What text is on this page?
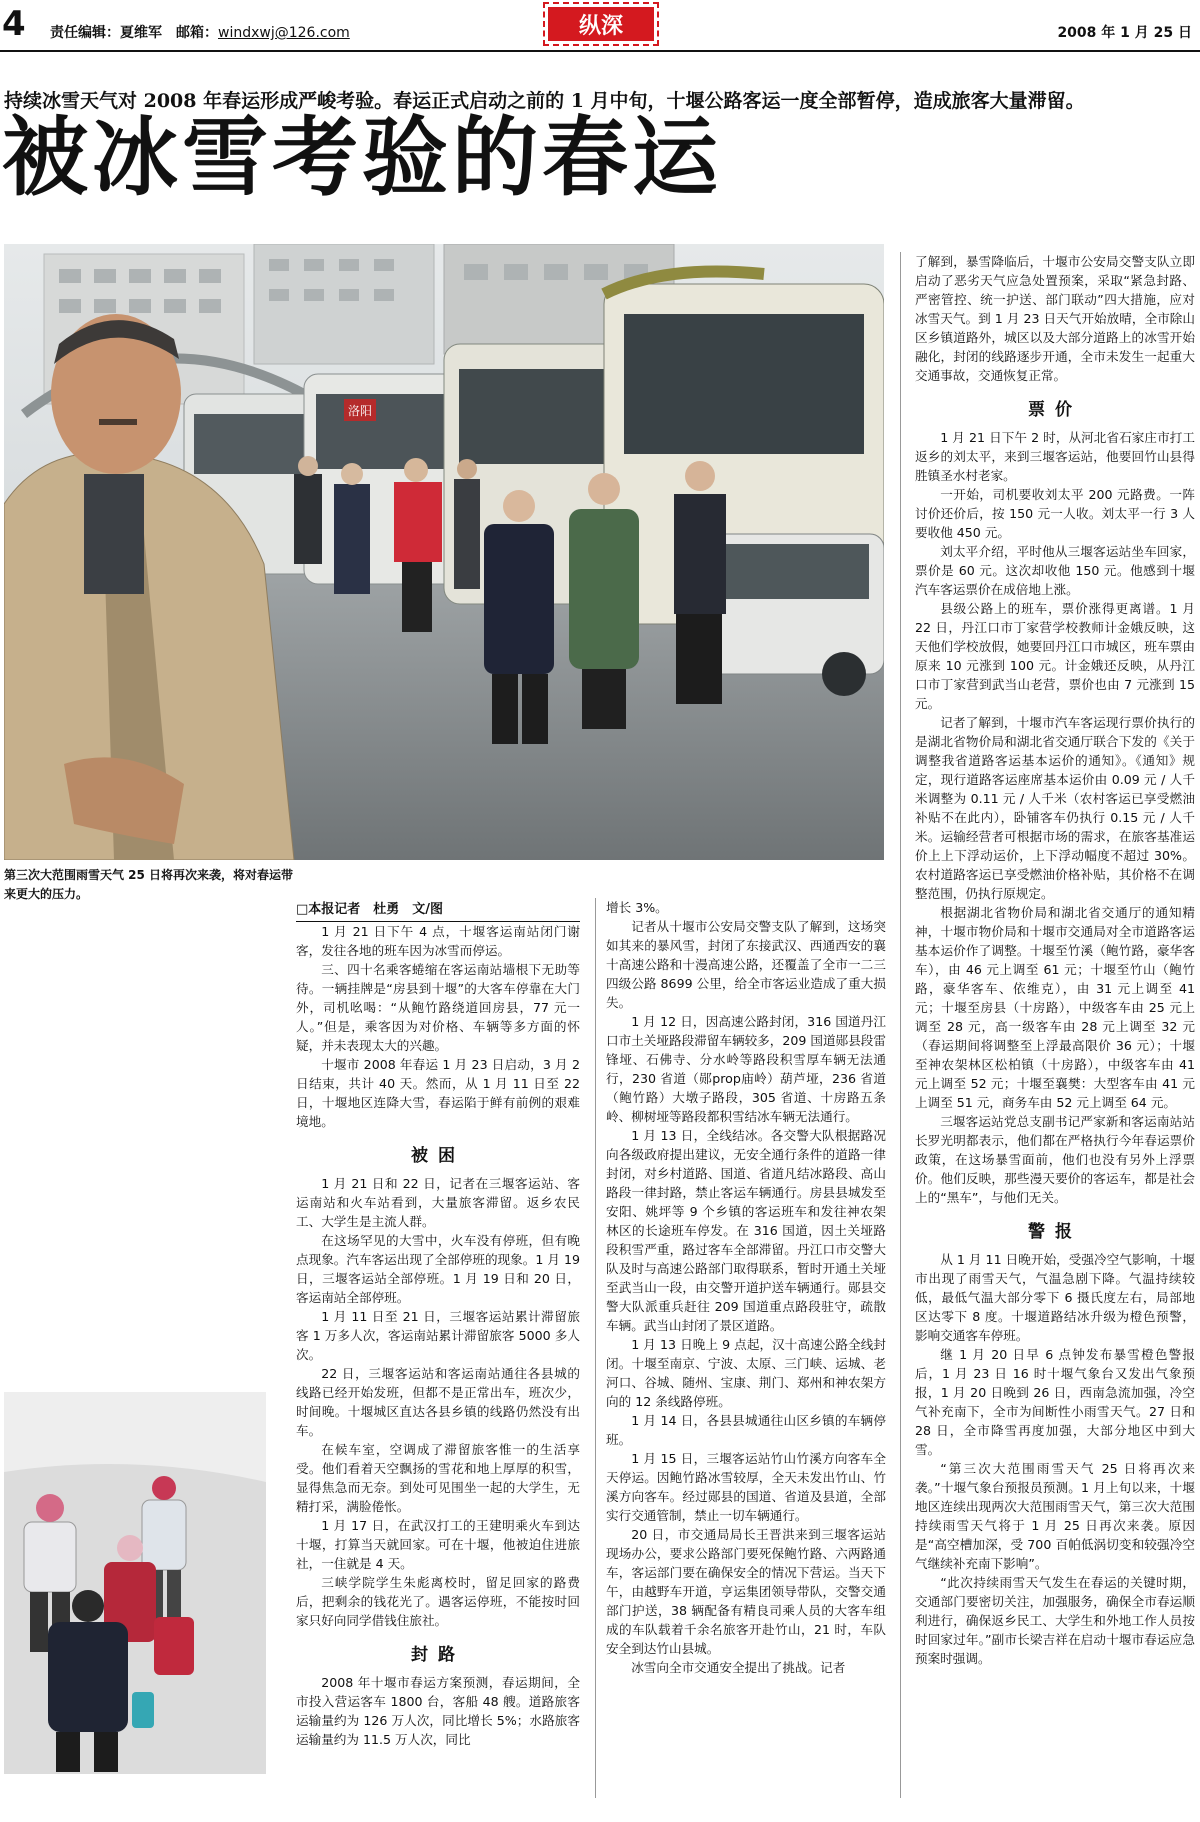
4 责任编辑：夏维军　邮箱：windxwj@126.com	纵深	2008 年 1 月 25 日
持续冰雪天气对 2008 年春运形成严峻考验。春运正式启动之前的 1 月中旬，十堰公路客运一度全部暂停，造成旅客大量滞留。
被冰雪考验的春运
洛阳
第三次大范围雨雪天气 25 日将再次来袭，将对春运带来更大的压力。

□本报记者　杜勇　文/图

1 月 21 日下午 4 点，十堰客运南站闭门谢客，发往各地的班车因为冰雪而停运。

三、四十名乘客蜷缩在客运南站墙根下无助等待。一辆挂牌是“房县到十堰”的大客车停靠在大门外，司机吆喝：“从鲍竹路绕道回房县，77 元一人。”但是，乘客因为对价格、车辆等多方面的怀疑，并未表现太大的兴趣。

十堰市 2008 年春运 1 月 23 日启动，3 月 2 日结束，共计 40 天。然而，从 1 月 11 日至 22 日，十堰地区连降大雪，春运陷于鲜有前例的艰难境地。

被困

1 月 21 日和 22 日，记者在三堰客运站、客运南站和火车站看到，大量旅客滞留。返乡农民工、大学生是主流人群。

在这场罕见的大雪中，火车没有停班，但有晚点现象。汽车客运出现了全部停班的现象。1 月 19 日，三堰客运站全部停班。1 月 19 日和 20 日，客运南站全部停班。

1 月 11 日至 21 日，三堰客运站累计滞留旅客 1 万多人次，客运南站累计滞留旅客 5000 多人次。

22 日，三堰客运站和客运南站通往各县城的线路已经开始发班，但都不是正常出车，班次少，时间晚。十堰城区直达各县乡镇的线路仍然没有出车。

在候车室，空调成了滞留旅客惟一的生活享受。他们看着天空飘扬的雪花和地上厚厚的积雪，显得焦急而无奈。到处可见围坐一起的大学生，无精打采，满脸倦怅。

1 月 17 日，在武汉打工的王建明乘火车到达十堰，打算当天就回家。可在十堰，他被迫住进旅社，一住就是 4 天。

三峡学院学生朱彪离校时，留足回家的路费后，把剩余的钱花光了。遇客运停班，不能按时回家只好向同学借钱住旅社。

封路

2008 年十堰市春运方案预测，春运期间，全市投入营运客车 1800 台，客船 48 艘。道路旅客运输量约为 126 万人次，同比增长 5%；水路旅客运输量约为 11.5 万人次，同比

增长 3%。

记者从十堰市公安局交警支队了解到，这场突如其来的暴风雪，封闭了东接武汉、西通西安的襄十高速公路和十漫高速公路，还覆盖了全市一二三四级公路 8699 公里，给全市客运业造成了重大损失。

1 月 12 日，因高速公路封闭，316 国道丹江口市土关垭路段滞留车辆较多，209 国道郧县段雷锋垭、石佛寺、分水岭等路段积雪厚车辆无法通行，230 省道（郧prop庙岭）葫芦垭，236 省道（鲍竹路）大墩子路段，305 省道、十房路五条岭、柳树垭等路段都积雪结冰车辆无法通行。

1 月 13 日，全线结冰。各交警大队根据路况向各级政府提出建议，无安全通行条件的道路一律封闭，对乡村道路、国道、省道凡结冰路段、高山路段一律封路，禁止客运车辆通行。房县县城发至安阳、姚坪等 9 个乡镇的客运班车和发往神农架林区的长途班车停发。在 316 国道，因土关垭路段积雪严重，路过客车全部滞留。丹江口市交警大队及时与高速公路部门取得联系，暂时开通土关垭至武当山一段，由交警开道护送车辆通行。郧县交警大队派重兵赶往 209 国道重点路段驻守，疏散车辆。武当山封闭了景区道路。

1 月 13 日晚上 9 点起，汉十高速公路全线封闭。十堰至南京、宁波、太原、三门峡、运城、老河口、谷城、随州、宝康、荆门、郑州和神农架方向的 12 条线路停班。

1 月 14 日，各县县城通往山区乡镇的车辆停班。

1 月 15 日，三堰客运站竹山竹溪方向客车全天停运。因鲍竹路冰雪较厚，全天未发出竹山、竹溪方向客车。经过郧县的国道、省道及县道，全部实行交通管制，禁止一切车辆通行。

20 日，市交通局局长王晋洪来到三堰客运站现场办公，要求公路部门要死保鲍竹路、六两路通车，客运部门要在确保安全的情况下营运。当天下午，由越野车开道，亨运集团领导带队，交警交通部门护送，38 辆配备有精良司乘人员的大客车组成的车队载着千余名旅客开赴竹山，21 时，车队安全到达竹山县城。

冰雪向全市交通安全提出了挑战。记者

了解到，暴雪降临后，十堰市公安局交警支队立即启动了恶劣天气应急处置预案，采取“紧急封路、严密管控、统一护送、部门联动”四大措施，应对冰雪天气。到 1 月 23 日天气开始放晴，全市除山区乡镇道路外，城区以及大部分道路上的冰雪开始融化，封闭的线路逐步开通，全市未发生一起重大交通事故，交通恢复正常。

票价

1 月 21 日下午 2 时，从河北省石家庄市打工返乡的刘太平，来到三堰客运站，他要回竹山县得胜镇圣水村老家。

一开始，司机要收刘太平 200 元路费。一阵讨价还价后，按 150 元一人收。刘太平一行 3 人要收他 450 元。

刘太平介绍，平时他从三堰客运站坐车回家，票价是 60 元。这次却收他 150 元。他感到十堰汽车客运票价在成倍地上涨。

县级公路上的班车，票价涨得更离谱。1 月 22 日，丹江口市丁家营学校教师计金娥反映，这天他们学校放假，她要回丹江口市城区，班车票由原来 10 元涨到 100 元。计金娥还反映，从丹江口市丁家营到武当山老营，票价也由 7 元涨到 15 元。

记者了解到，十堰市汽车客运现行票价执行的是湖北省物价局和湖北省交通厅联合下发的《关于调整我省道路客运基本运价的通知》。《通知》规定，现行道路客运座席基本运价由 0.09 元 / 人千米调整为 0.11 元 / 人千米（农村客运已享受燃油补贴不在此内），卧铺客车仍执行 0.15 元 / 人千米。运输经营者可根据市场的需求，在旅客基准运价上上下浮动运价，上下浮动幅度不超过 30%。农村道路客运已享受燃油价格补贴，其价格不在调整范围，仍执行原规定。

根据湖北省物价局和湖北省交通厅的通知精神，十堰市物价局和十堰市交通局对全市道路客运基本运价作了调整。十堰至竹溪（鲍竹路，豪华客车），由 46 元上调至 61 元；十堰至竹山（鲍竹路，豪华客车、依维克），由 31 元上调至 41 元；十堰至房县（十房路），中级客车由 25 元上调至 28 元，高一级客车由 28 元上调至 32 元（春运期间将调整至上浮最高限价 36 元）；十堰至神农架林区松柏镇（十房路），中级客车由 41 元上调至 52 元；十堰至襄樊：大型客车由 41 元上调至 51 元，商务车由 52 元上调至 64 元。

三堰客运站党总支副书记严家新和客运南站站长罗光明都表示，他们都在严格执行今年春运票价政策，在这场暴雪面前，他们也没有另外上浮票价。他们反映，那些漫天要价的客运车，都是社会上的“黑车”，与他们无关。

警报

从 1 月 11 日晚开始，受强冷空气影响，十堰市出现了雨雪天气，气温急剧下降。气温持续较低，最低气温大部分零下 6 摄氏度左右，局部地区达零下 8 度。十堰道路结冰升级为橙色预警，影响交通客车停班。

继 1 月 20 日早 6 点钟发布暴雪橙色警报后，1 月 23 日 16 时十堰气象台又发出气象预报，1 月 20 日晚到 26 日，西南急流加强，冷空气补充南下，全市为间断性小雨雪天气。27 日和 28 日，全市降雪再度加强，大部分地区中到大雪。

“第三次大范围雨雪天气 25 日将再次来袭。”十堰气象台预报员预测。1 月上旬以来，十堰地区连续出现两次大范围雨雪天气，第三次大范围持续雨雪天气将于 1 月 25 日再次来袭。原因是“高空槽加深，受 700 百帕低涡切变和较强冷空气继续补充南下影响”。

“此次持续雨雪天气发生在春运的关键时期，交通部门要密切关注，加强服务，确保全市春运顺利进行，确保返乡民工、大学生和外地工作人员按时回家过年。”副市长梁吉祥在启动十堰市春运应急预案时强调。
